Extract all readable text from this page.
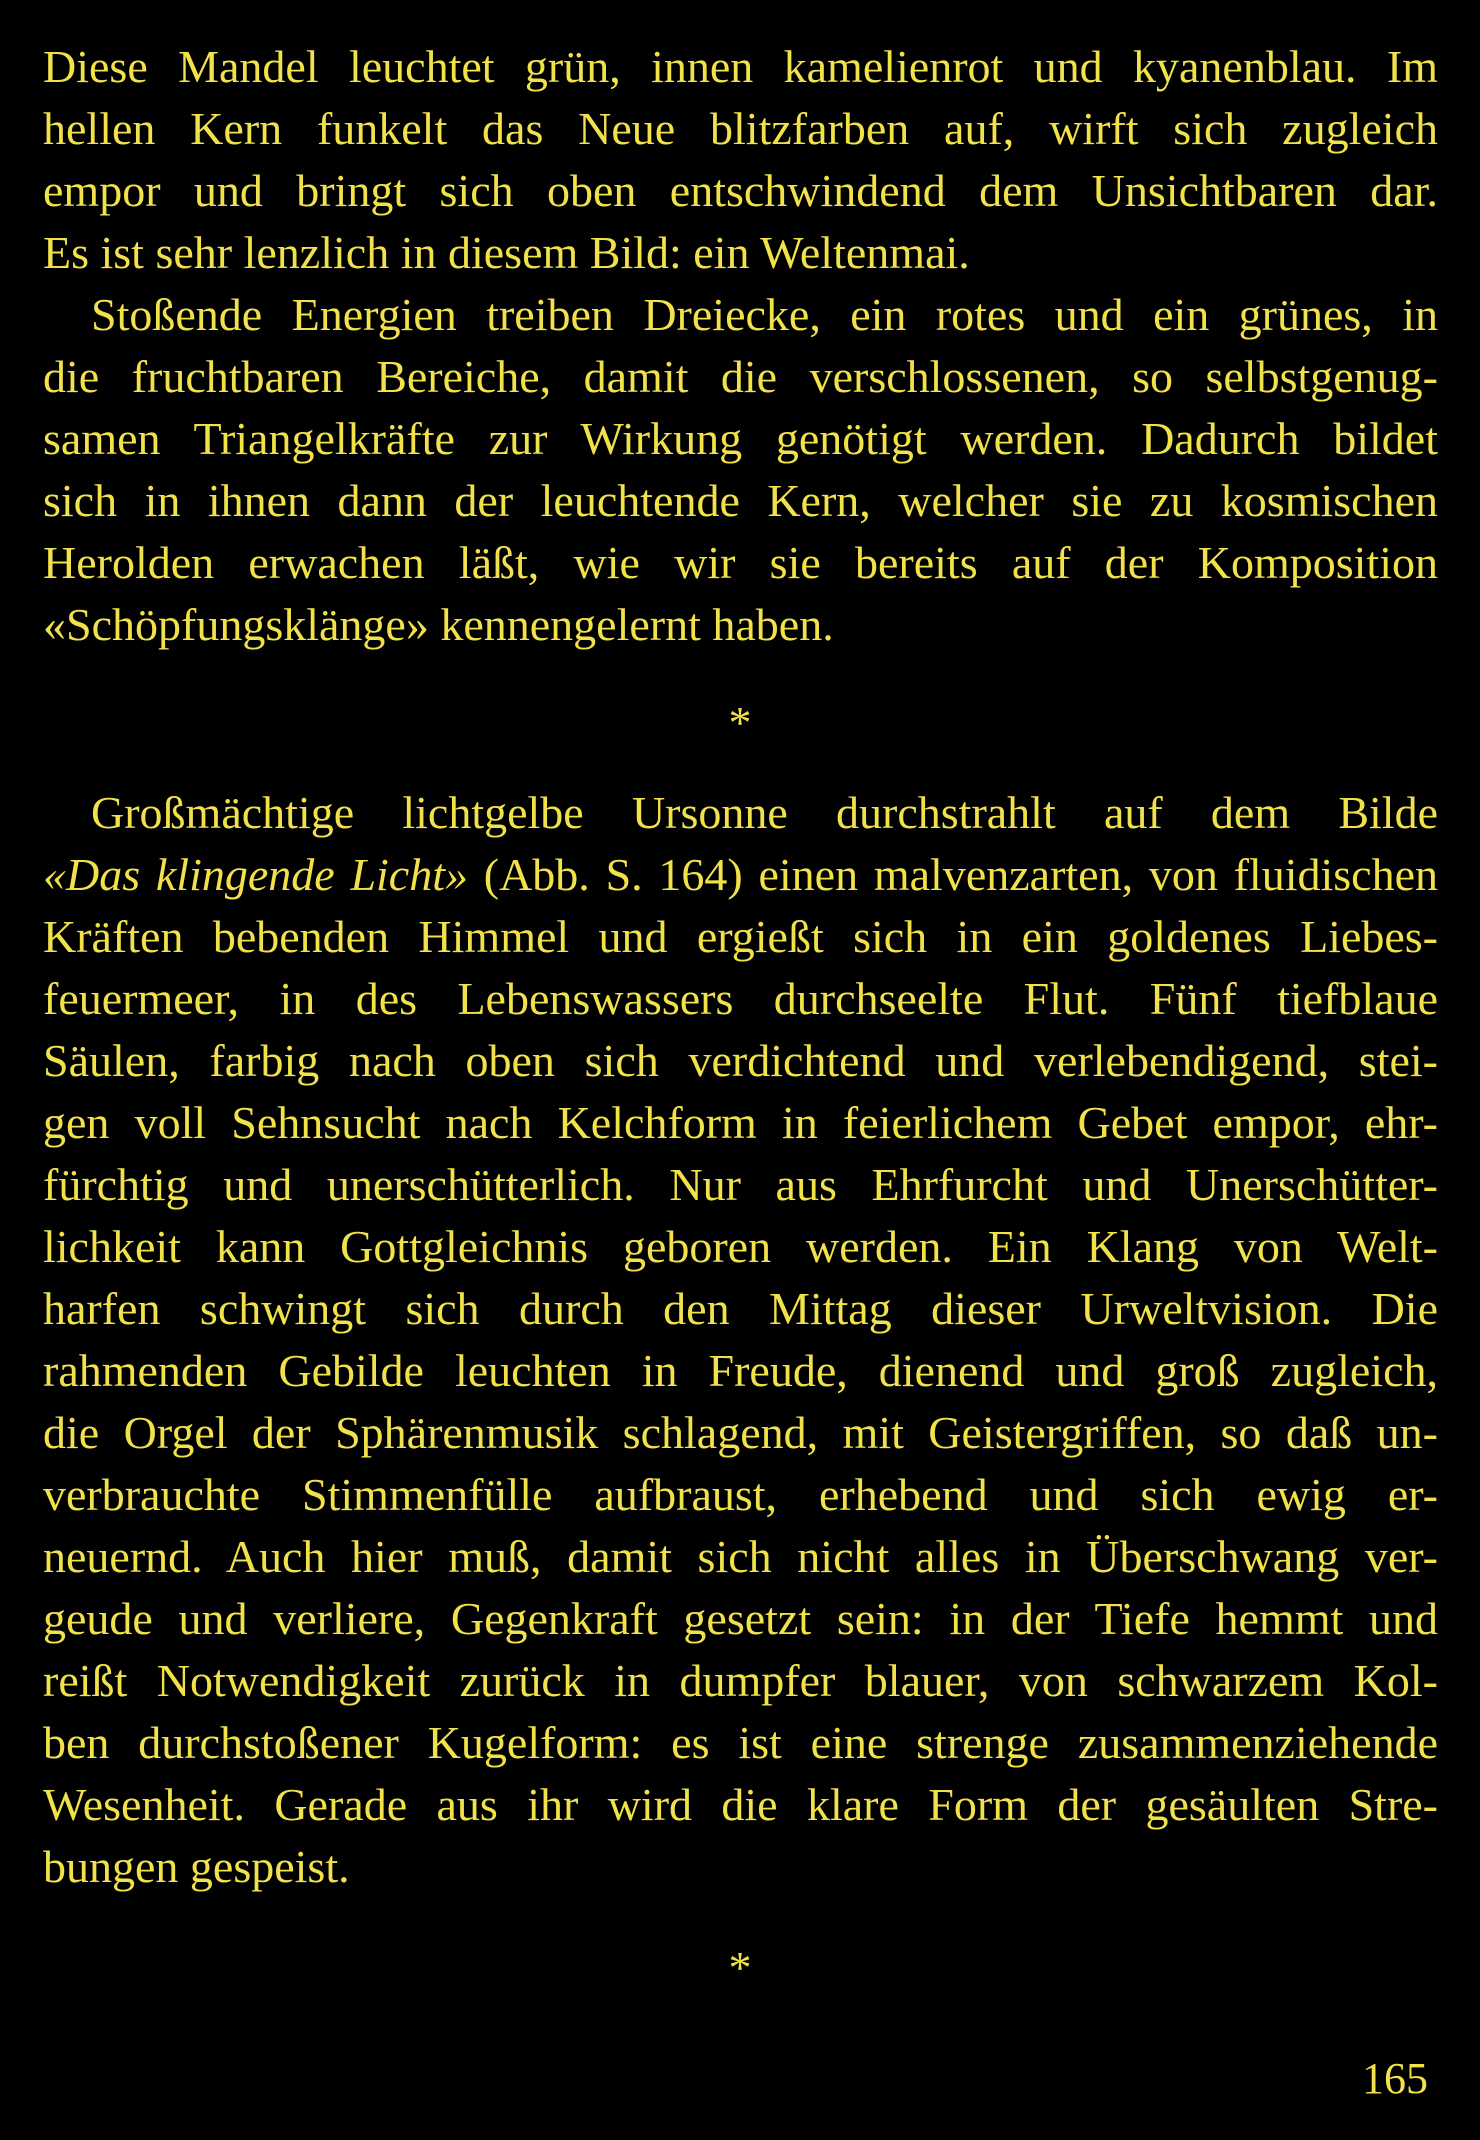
Diese Mandel leuchtet grün, innen kamelienrot und kyanenblau. Im
hellen Kern funkelt das Neue blitzfarben auf, wirft sich zugleich
empor und bringt sich oben entschwindend dem Unsichtbaren dar.
Es ist sehr lenzlich in diesem Bild: ein Weltenmai.

Stoßende Energien treiben Dreiecke, ein rotes und ein grünes, in
die fruchtbaren Bereiche, damit die verschlossenen, so selbstgenug-
samen Triangelkräfte zur Wirkung genötigt werden. Dadurch bildet
sich in ihnen dann der leuchtende Kern, welcher sie zu kosmischen
Herolden erwachen läßt, wie wir sie bereits auf der Komposition
«Schöpfungsklänge» kennengelernt haben.

*

Großmächtige lichtgelbe Ursonne durchstrahlt auf dem Bilde
«Das klingende Licht» (Abb. S. 164) einen malvenzarten, von fluidischen
Kräften bebenden Himmel und ergießt sich in ein goldenes Liebes-
feuermeer, in des Lebenswassers durchseelte Flut. Fünf tiefblaue
Säulen, farbig nach oben sich verdichtend und verlebendigend, stei-
gen voll Sehnsucht nach Kelchform in feierlichem Gebet empor, ehr-
fürchtig und unerschütterlich. Nur aus Ehrfurcht und Unerschütter-
lichkeit kann Gottgleichnis geboren werden. Ein Klang von Welt-
harfen schwingt sich durch den Mittag dieser Urweltvision. Die
rahmenden Gebilde leuchten in Freude, dienend und groß zugleich,
die Orgel der Sphärenmusik schlagend, mit Geistergriffen, so daß un-
verbrauchte Stimmenfülle aufbraust, erhebend und sich ewig er-
neuernd. Auch hier muß, damit sich nicht alles in Überschwang ver-
geude und verliere, Gegenkraft gesetzt sein: in der Tiefe hemmt und
reißt Notwendigkeit zurück in dumpfer blauer, von schwarzem Kol-
ben durchstoßener Kugelform: es ist eine strenge zusammenziehende
Wesenheit. Gerade aus ihr wird die klare Form der gesäulten Stre-
bungen gespeist.

*
165
